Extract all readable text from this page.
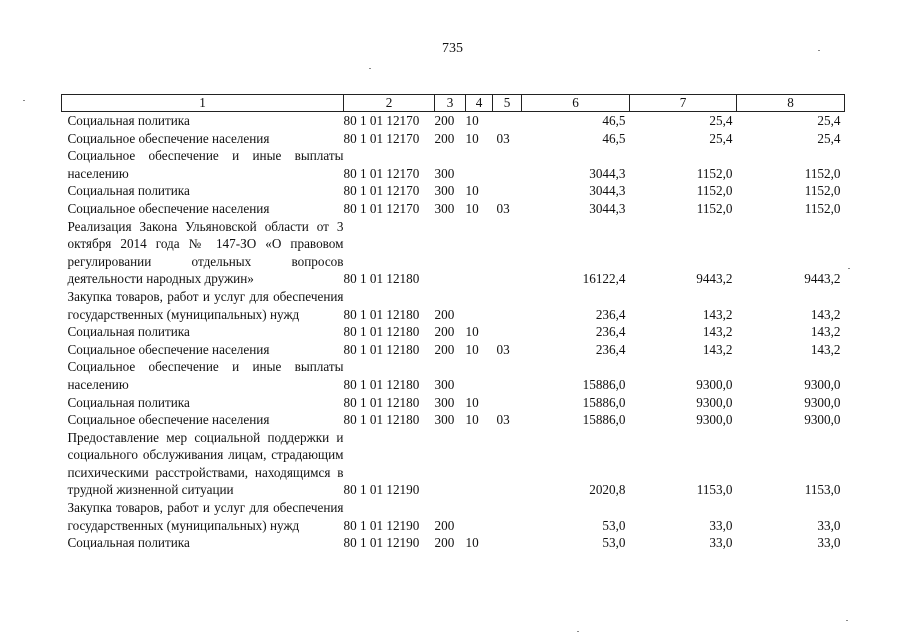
735
1	2	3	4	5	6	7	8
Социальная политика	80 1 01 12170	200	10		46,5	25,4	25,4
Социальное обеспечение населения	80 1 01 12170	200	10	03	46,5	25,4	25,4
Социальное обеспечение и иные выплаты населению	80 1 01 12170	300			3044,3	1152,0	1152,0
Социальная политика	80 1 01 12170	300	10		3044,3	1152,0	1152,0
Социальное обеспечение населения	80 1 01 12170	300	10	03	3044,3	1152,0	1152,0
Реализация Закона Ульяновской области от 3 октября 2014 года № 147-ЗО «О правовом регулировании отдельных вопросов деятельности народных дружин»	80 1 01 12180				16122,4	9443,2	9443,2
Закупка товаров, работ и услуг для обеспечения государственных (муниципальных) нужд	80 1 01 12180	200			236,4	143,2	143,2
Социальная политика	80 1 01 12180	200	10		236,4	143,2	143,2
Социальное обеспечение населения	80 1 01 12180	200	10	03	236,4	143,2	143,2
Социальное обеспечение и иные выплаты населению	80 1 01 12180	300			15886,0	9300,0	9300,0
Социальная политика	80 1 01 12180	300	10		15886,0	9300,0	9300,0
Социальное обеспечение населения	80 1 01 12180	300	10	03	15886,0	9300,0	9300,0
Предоставление мер социальной поддержки и социального обслуживания лицам, страдающим психическими расстройствами, находящимся в трудной жизненной ситуации	80 1 01 12190				2020,8	1153,0	1153,0
Закупка товаров, работ и услуг для обеспечения государственных (муниципальных) нужд	80 1 01 12190	200			53,0	33,0	33,0
Социальная политика	80 1 01 12190	200	10		53,0	33,0	33,0
